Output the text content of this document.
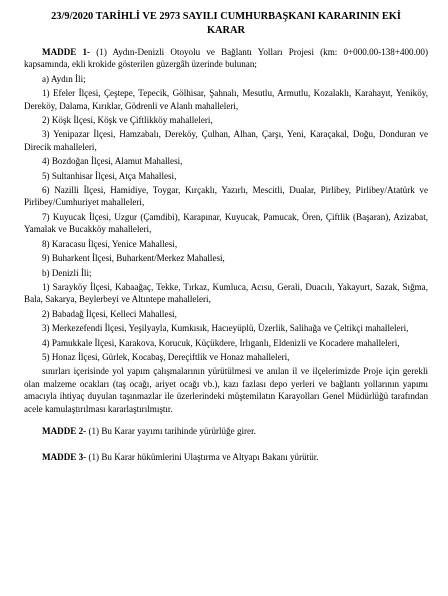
23/9/2020 TARİHLİ VE 2973 SAYILI CUMHURBAŞKANI KARARININ EKİ
KARAR

MADDE 1- (1) Aydın-Denizli Otoyolu ve Bağlantı Yolları Projesi (km: 0+000.00-138+400.00) kapsamında, ekli krokide gösterilen güzergâh üzerinde bulunan;

a) Aydın İli;

1) Efeler İlçesi, Çeştepe, Tepecik, Gölhisar, Şahnalı, Mesutlu, Armutlu, Kozalaklı, Karahayıt, Yeniköy, Dereköy, Dalama, Kırıklar, Gödrenli ve Alanlı mahalleleri,

2) Köşk İlçesi, Köşk ve Çiftlikköy mahalleleri,

3) Yenipazar İlçesi, Hamzabalı, Dereköy, Çulhan, Alhan, Çarşı, Yeni, Karaçakal, Doğu, Donduran ve Direcik mahalleleri,

4) Bozdoğan İlçesi, Alamut Mahallesi,

5) Sultanhisar İlçesi, Atça Mahallesi,

6) Nazilli İlçesi, Hamidiye, Toygar, Kırçaklı, Yazırlı, Mescitli, Dualar, Pirlibey, Pirlibey/Atatürk ve Pirlibey/Cumhuriyet mahalleleri,

7) Kuyucak İlçesi, Uzgur (Çamdibi), Karapınar, Kuyucak, Pamucak, Ören, Çiftlik (Başaran), Azizabat, Yamalak ve Bucakköy mahalleleri,

8) Karacasu İlçesi, Yenice Mahallesi,

9) Buharkent İlçesi, Buharkent/Merkez Mahallesi,

b) Denizli İli;

1) Sarayköy İlçesi, Kabaağaç, Tekke, Tırkaz, Kumluca, Acısu, Gerali, Duacılı, Yakayurt, Sazak, Sığma, Bala, Sakarya, Beylerbeyi ve Altıntepe mahalleleri,

2) Babadağ İlçesi, Kelleci Mahallesi,

3) Merkezefendi İlçesi, Yeşilyayla, Kumkısık, Hacıeyüplü, Üzerlik, Salihağa ve Çeltikçi mahalleleri,

4) Pamukkale İlçesi, Karakova, Korucuk, Küçükdere, Irlıganlı, Eldenizli ve Kocadere mahalleleri,

5) Honaz İlçesi, Gürlek, Kocabaş, Dereçiftlik ve Honaz mahalleleri,

sınırları içerisinde yol yapım çalışmalarının yürütülmesi ve anılan il ve ilçelerimizde Proje için gerekli olan malzeme ocakları (taş ocağı, ariyet ocağı vb.), kazı fazlası depo yerleri ve bağlantı yollarının yapımı amacıyla ihtiyaç duyulan taşınmazlar ile üzerlerindeki müştemilatın Karayolları Genel Müdürlüğü tarafından acele kamulaştırılması kararlaştırılmıştır.

MADDE 2- (1) Bu Karar yayımı tarihinde yürürlüğe girer.

MADDE 3- (1) Bu Karar hükümlerini Ulaştırma ve Altyapı Bakanı yürütür.
